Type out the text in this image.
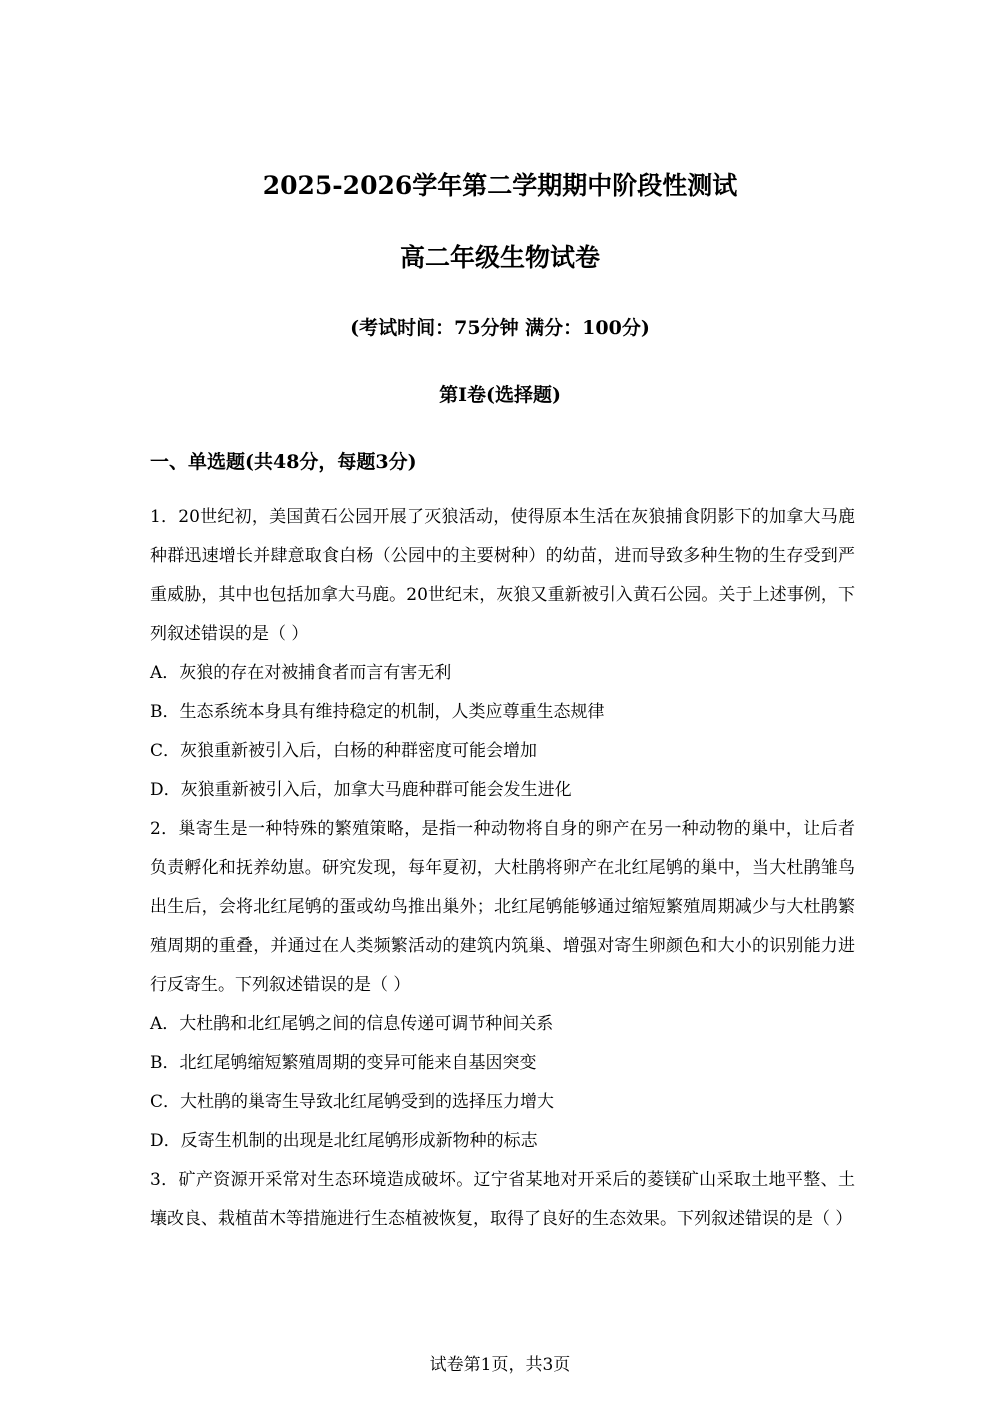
2025-2026学年第二学期期中阶段性测试
高二年级生物试卷
(考试时间：75分钟 满分：100分)
第I卷(选择题)
一、单选题(共48分，每题3分)

1．20世纪初，美国黄石公园开展了灭狼活动，使得原本生活在灰狼捕食阴影下的加拿大马鹿种群迅速增长并肆意取食白杨（公园中的主要树种）的幼苗，进而导致多种生物的生存受到严重威胁，其中也包括加拿大马鹿。20世纪末，灰狼又重新被引入黄石公园。关于上述事例，下列叙述错误的是（ ）

A．灰狼的存在对被捕食者而言有害无利

B．生态系统本身具有维持稳定的机制，人类应尊重生态规律

C．灰狼重新被引入后，白杨的种群密度可能会增加

D．灰狼重新被引入后，加拿大马鹿种群可能会发生进化

2．巢寄生是一种特殊的繁殖策略，是指一种动物将自身的卵产在另一种动物的巢中，让后者负责孵化和抚养幼崽。研究发现，每年夏初，大杜鹃将卵产在北红尾鸲的巢中，当大杜鹃雏鸟出生后，会将北红尾鸲的蛋或幼鸟推出巢外；北红尾鸲能够通过缩短繁殖周期减少与大杜鹃繁殖周期的重叠，并通过在人类频繁活动的建筑内筑巢、增强对寄生卵颜色和大小的识别能力进行反寄生。下列叙述错误的是（ ）

A．大杜鹃和北红尾鸲之间的信息传递可调节种间关系

B．北红尾鸲缩短繁殖周期的变异可能来自基因突变

C．大杜鹃的巢寄生导致北红尾鸲受到的选择压力增大

D．反寄生机制的出现是北红尾鸲形成新物种的标志

3．矿产资源开采常对生态环境造成破坏。辽宁省某地对开采后的菱镁矿山采取土地平整、土壤改良、栽植苗木等措施进行生态植被恢复，取得了良好的生态效果。下列叙述错误的是（ ）

试卷第1页，共3页
